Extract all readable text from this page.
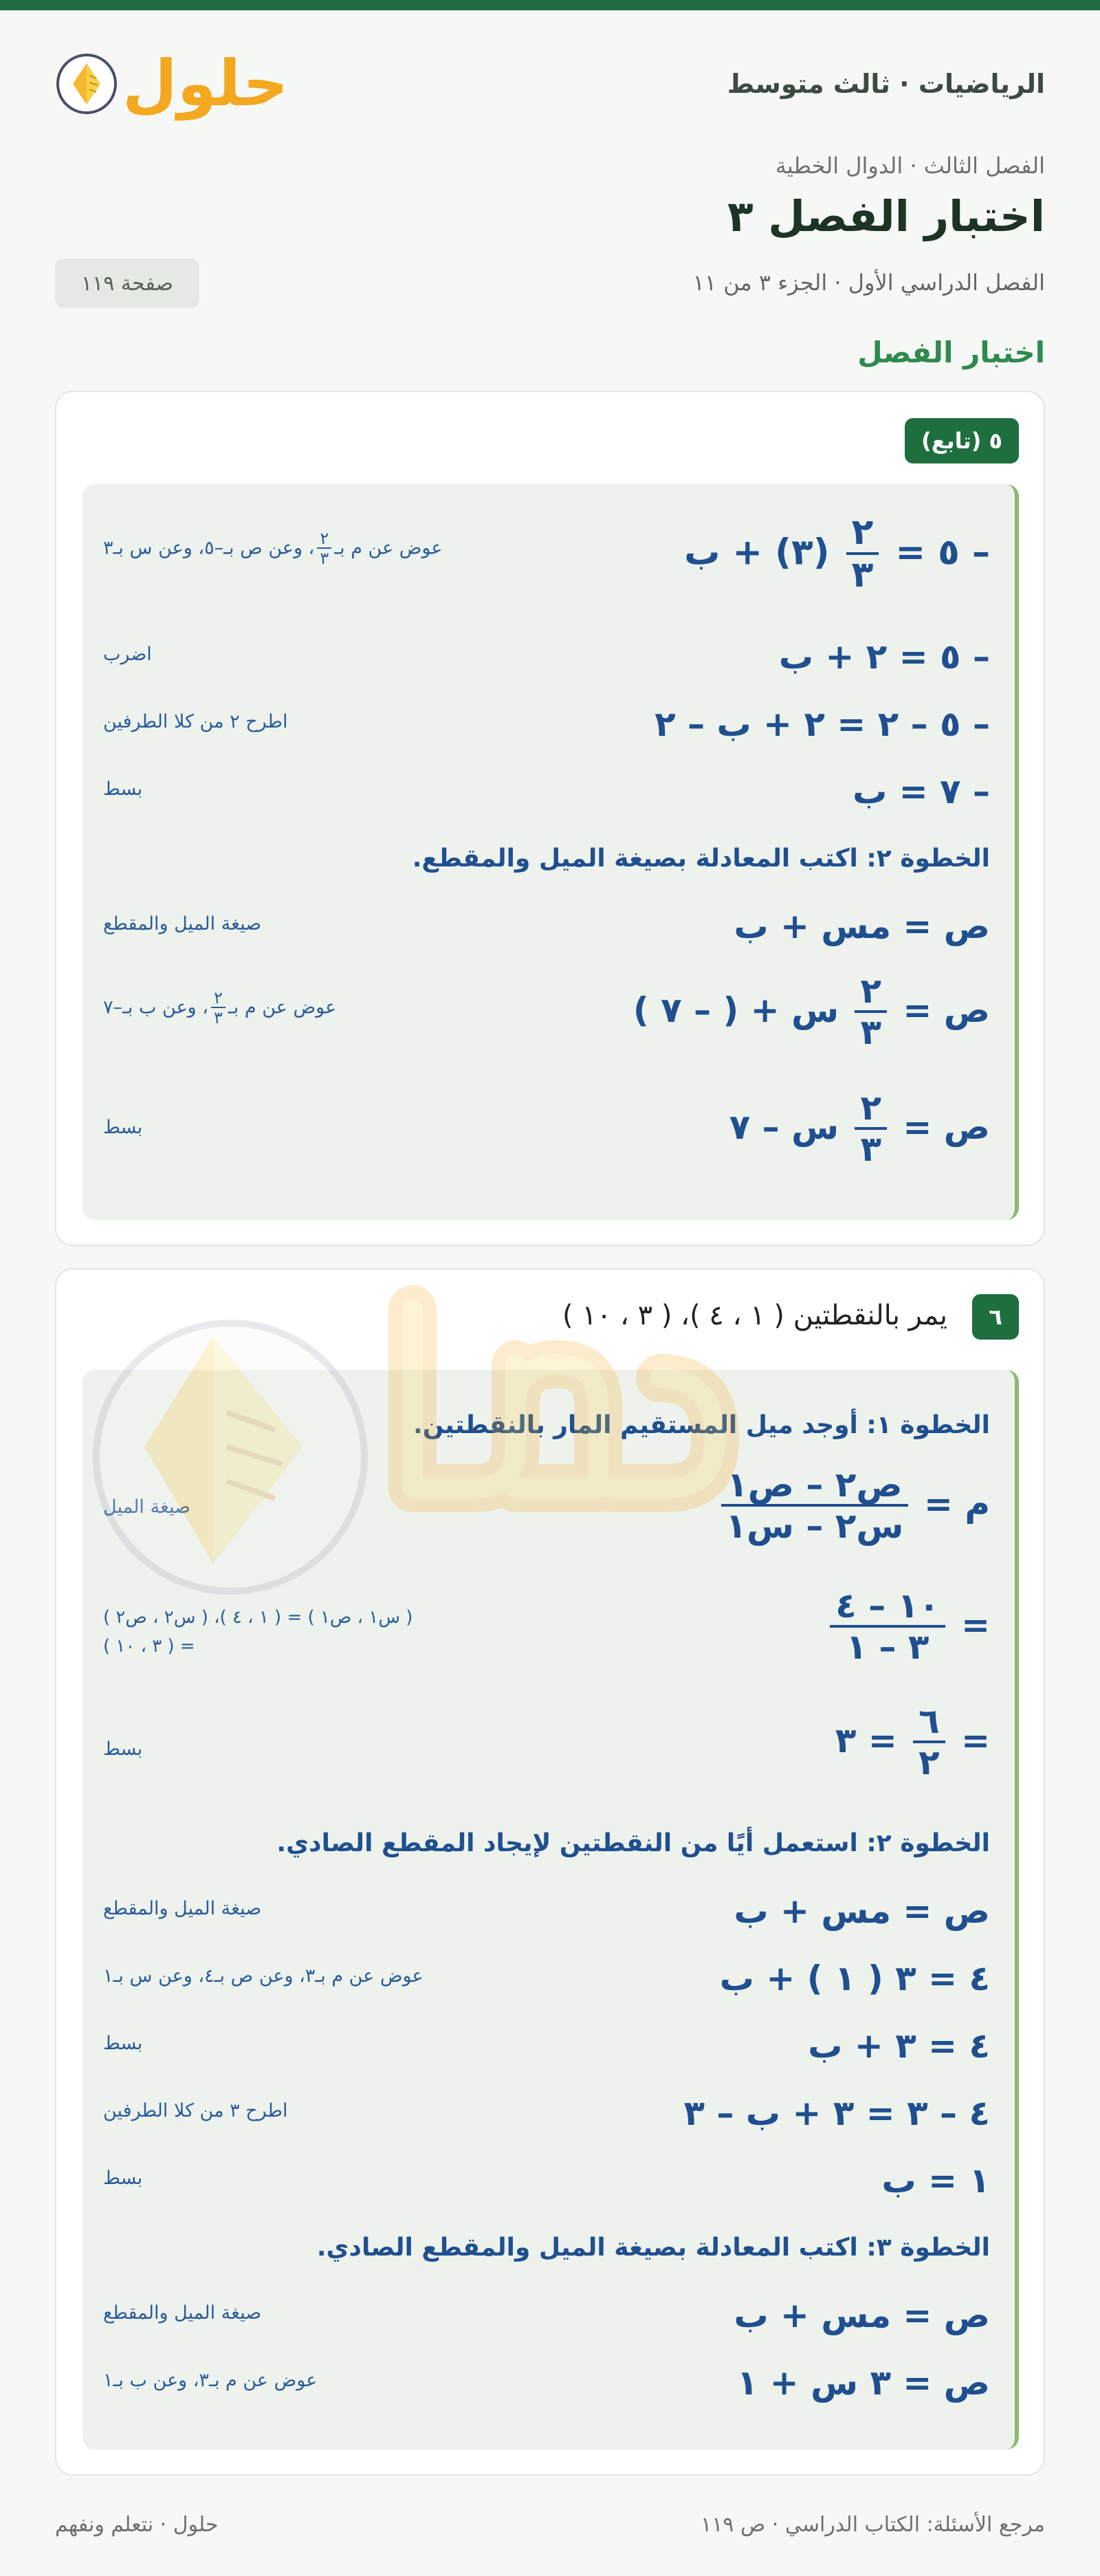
الرياضيات · ثالث متوسط
حلول
الفصل الثالث · الدوال الخطية
اختبار الفصل ٣
الفصل الدراسي الأول · الجزء ٣ من ١١
صفحة ١١٩
اختبار الفصل
٥ (تابع)
– ٥ =
$\frac{٢}{٣}$
(٣) + ب
عوض عن م بـ
٢
٣
، وعن ص بـ–٥، وعن س بـ٣
– ٥ = ٢ + ب
اضرب
– ٥ – ٢ = ٢ + ب – ٢
اطرح ٢ من كلا الطرفين
– ٧ = ب
بسط
الخطوة ٢: اكتب المعادلة بصيغة الميل والمقطع.
ص = مس + ب
صيغة الميل والمقطع
ص =
$\frac{٢}{٣}$
س + ( – ٧ )
عوض عن م بـ
٢
٣
، وعن ب بـ–٧
ص =
$\frac{٢}{٣}$
س – ٧
بسط
٦
يمر بالنقطتين ( ١ ، ٤ )، ( ٣ ، ١٠ )
الخطوة ١: أوجد ميل المستقيم المار بالنقطتين.
م =
$\frac{\text{ص٢ – ص١}}{\text{س٢ – س١}}$
صيغة الميل
=
$\frac{١٠ - ٤}{٣ - ١}$
( س١ ، ص١ ) = ( ١ ، ٤ )، ( س٢ ، ص٢ )
= ( ٣ ، ١٠ )
=
$\frac{٦}{٢}$
= ٣
بسط
الخطوة ٢: استعمل أيًا من النقطتين لإيجاد المقطع الصادي.
ص = مس + ب
صيغة الميل والمقطع
٤ = ٣ ( ١ ) + ب
عوض عن م بـ٣، وعن ص بـ٤، وعن س بـ١
٤ = ٣ + ب
بسط
٤ – ٣ = ٣ + ب – ٣
اطرح ٣ من كلا الطرفين
١ = ب
بسط
الخطوة ٣: اكتب المعادلة بصيغة الميل والمقطع الصادي.
ص = مس + ب
صيغة الميل والمقطع
ص = ٣ س + ١
عوض عن م بـ٣، وعن ب بـ١
مرجع الأسئلة: الكتاب الدراسي · ص ١١٩
حلول · نتعلم ونفهم
